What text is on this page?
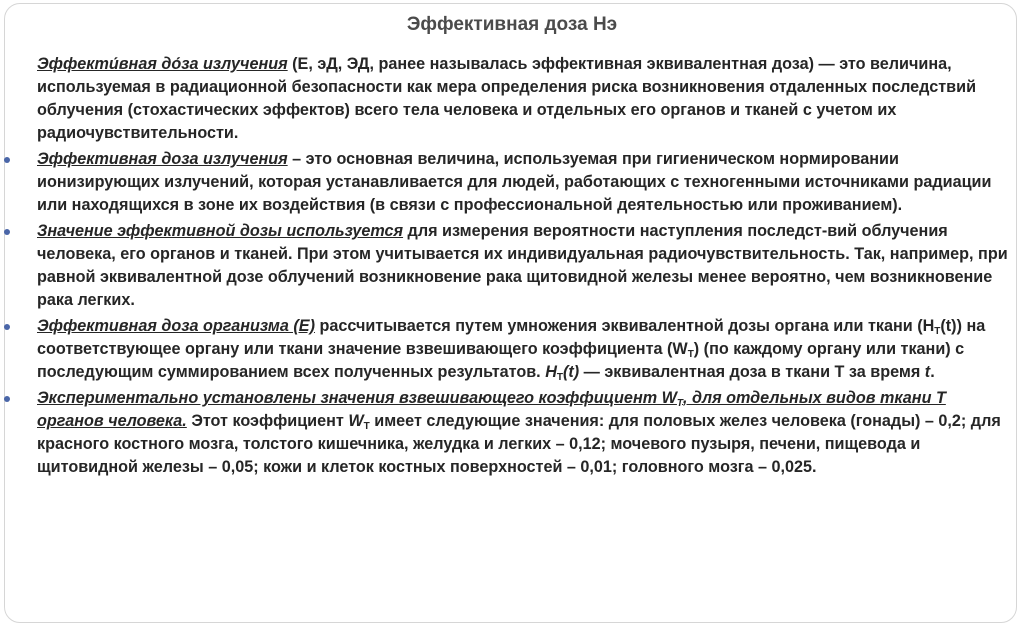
Эффективная доза Нэ
Эффекти́вная до́за излучения (Е, эД, ЭД, ранее называлась эффективная эквивалентная доза) — это величина, используемая в радиационной безопасности как мера определения риска возникновения отдаленных последствий облучения (стохастических эффектов) всего тела человека и отдельных его органов и тканей с учетом их радиочувствительности.
Эффективная доза излучения – это основная величина, используемая при гигиеническом нормировании ионизирующих излучений, которая устанавливается для людей, работающих с техногенными источниками радиации или находящихся в зоне их воздействия (в связи с профессиональной деятельностью или проживанием).
Значение эффективной дозы используется для измерения вероятности наступления последст-вий облучения человека, его органов и тканей. При этом учитывается их индивидуальная радиочувствительность. Так, например, при равной эквивалентной дозе облучений возникновение рака щитовидной железы менее вероятно, чем возникновение рака легких.
Эффективная доза организма (Е) рассчитывается путем умножения эквивалентной дозы органа или ткани $(H_T(t))$ на соответствующее органу или ткани значение взвешивающего коэффициента $(W_T)$ (по каждому органу или ткани) с последующим суммированием всех полученных результатов. $H_T(t)$ — эквивалентная доза в ткани Т за время t.
Экспериментально установлены значения взвешивающего коэффициент $W_T$, для отдельных видов ткани Т органов человека. Этот коэффициент $W_T$ имеет следующие значения: для половых желез человека (гонады) – 0,2; для красного костного мозга, толстого кишечника, желудка и легких – 0,12; мочевого пузыря, печени, пищевода и щитовидной железы – 0,05; кожи и клеток костных поверхностей – 0,01; головного мозга – 0,025.
